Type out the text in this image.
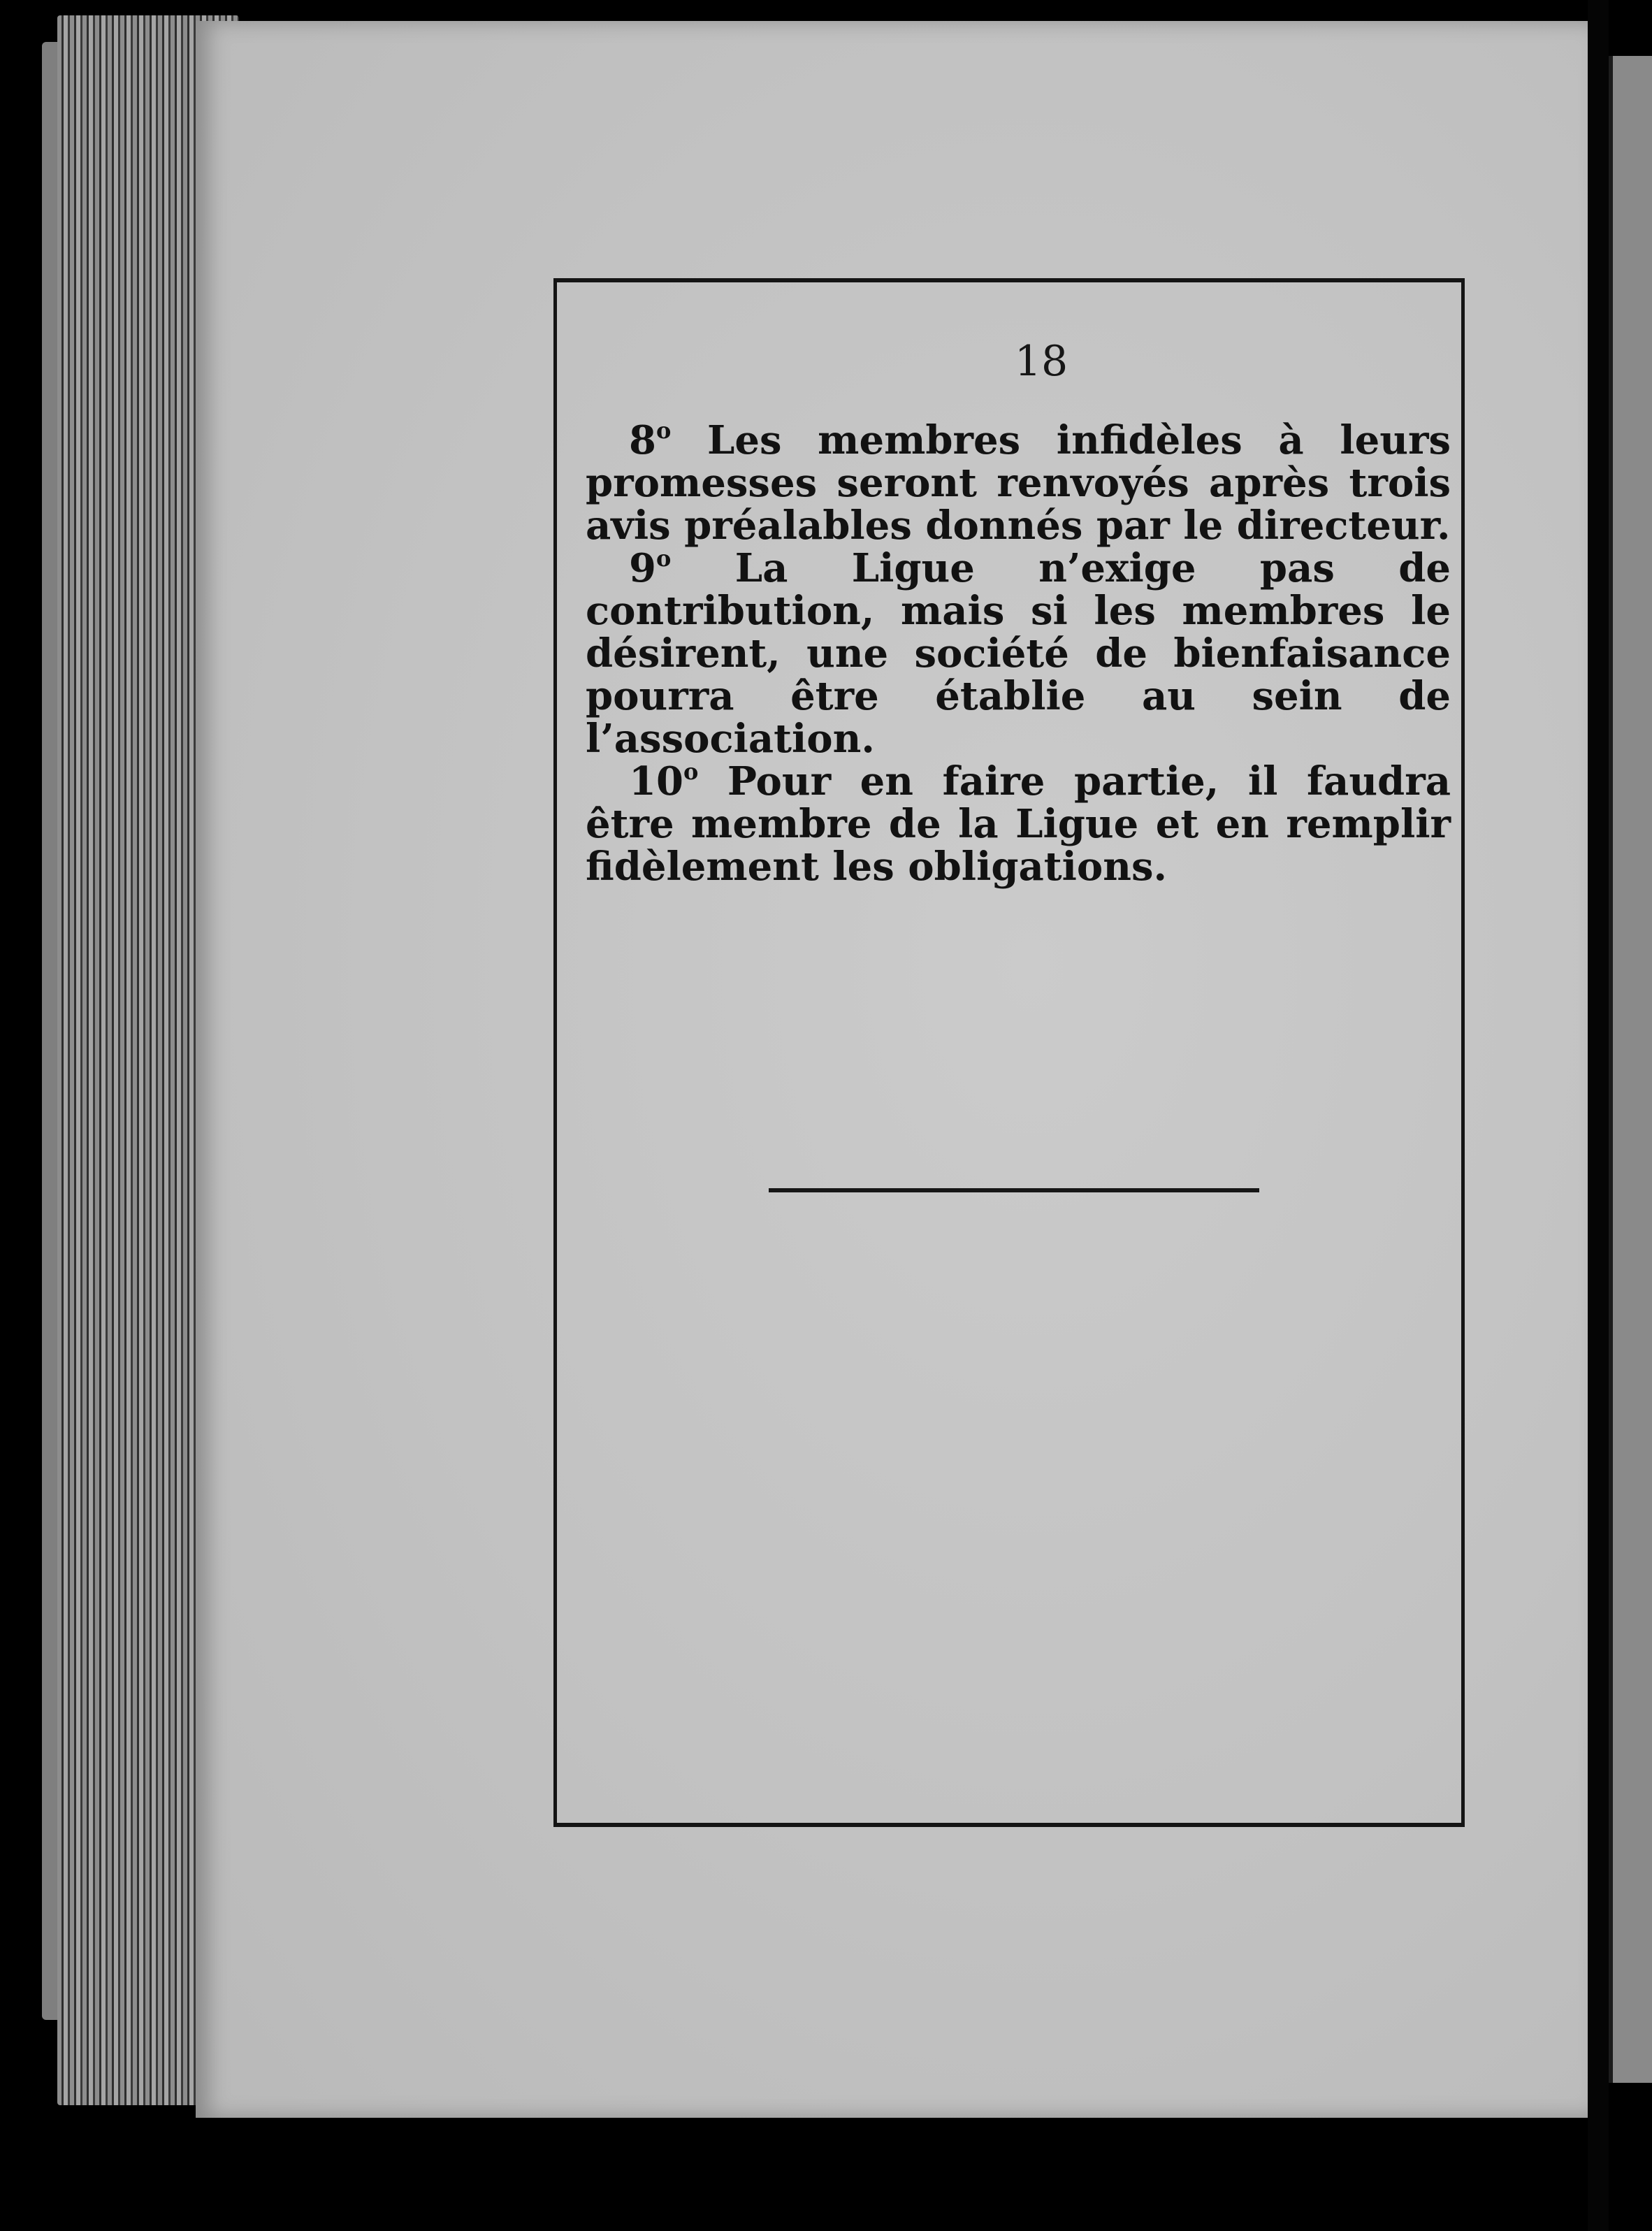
18

8$^o$ Les membres infidèles à leurs promesses seront renvoyés après trois avis préalables donnés par le directeur.

9$^o$ La Ligue n’exige pas de contribution, mais si les membres le désirent, une société de bienfaisance pourra être établie au sein de l’association.

10$^o$ Pour en faire partie, il faudra être membre de la Ligue et en remplir fidèlement les obligations.
